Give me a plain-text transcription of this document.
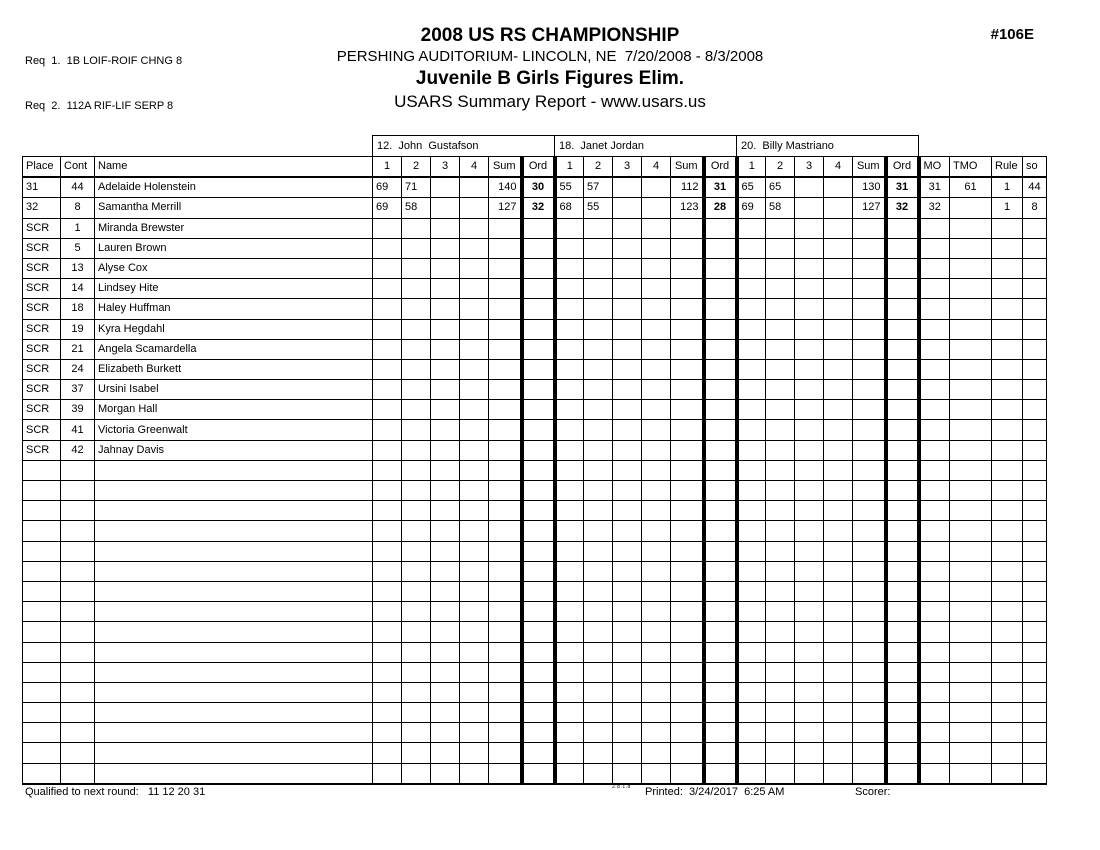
Req  1.  1B LOIF-ROIF CHNG 8

Req  2.  112A RIF-LIF SERP 8

2008 US RS CHAMPIONSHIP
PERSHING AUDITORIUM- LINCOLN, NE  7/20/2008 - 8/3/2008
Juvenile B Girls Figures Elim.
USARS Summary Report - www.usars.us
#106E
			12.  John  Gustafson						18.  Janet Jordan						20.  Billy Mastriano									
Place	Cont	Name	1	2	3	4	Sum	Ord	1	2	3	4	Sum	Ord	1	2	3	4	Sum	Ord	MO	TMO	Rule	so
31	44	Adelaide Holenstein	69	71			140	30	55	57			112	31	65	65			130	31	31	61	1	44
32	8	Samantha Merrill	69	58			127	32	68	55			123	28	69	58			127	32	32		1	8
SCR	1	Miranda Brewster																						
SCR	5	Lauren Brown																						
SCR	13	Alyse Cox																						
SCR	14	Lindsey Hite																						
SCR	18	Haley Huffman																						
SCR	19	Kyra Hegdahl																						
SCR	21	Angela Scamardella																						
SCR	24	Elizabeth Burkett																						
SCR	37	Ursini Isabel																						
SCR	39	Morgan Hall																						
SCR	41	Victoria Greenwalt																						
SCR	42	Jahnay Davis																						

Qualified to next round:   11 12 20 31	2.8.1.8 Printed:  3/24/2017  6:25 AM	Scorer:
